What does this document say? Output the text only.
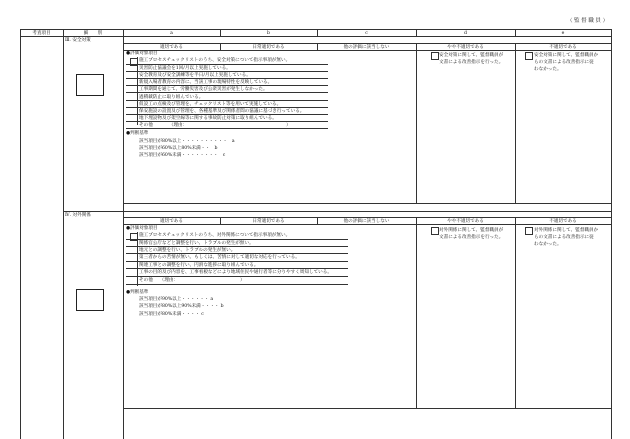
（ 監 督 職 員 ）
考査項目	細　　別	a	b	c	d	e
Ⅲ. 安全対策
適切である	日常適切である	他の評価に該当しない	やや不適切である	不適切である
●評価対象項目
施工プロセスチェックリストのうち、安全対策について指示事項が無い。
災害防止協議会を1回/月以上実施している。
安全教育及び安全訓練等を半日/月以上実施している。
新規入場者教育の内容に、当該工事の現場特性を反映している。
工事期間を通じて、労働災害及び公衆災害が発生しなかった。
過積載防止に取り組んでいる。
仮設工の点検及び管理を、チェックリスト等を用いて実施している。
保安施設の設置及び管理を、各種基準及び関係者間の協議に基づき行っている。
地下埋設物及び架空線等に関する事故防止対策に取り組んでいる。
その他　　　　（理由：　　　　　　　　　　　　　　　　　　　　　　）
●判断基準
該当項目が80%以上・・・・・・・・・・　a
該当項目が60%以上80%未満・・　b
該当項目が60%未満・・・・・・・・　c
安全対策に関して、監督職員が
文書による改善指示を行った。
安全対策に関して、監督職員か
らの文書による改善指示に従
わなかった。
Ⅳ. 対外関係
適切である	日常適切である	他の評価に該当しない	やや不適切である	不適切である
●評価対象項目
施工プロセスチェックリストのうち、対外関係について指示事項が無い。
関係官公庁などと調整を行い、トラブルの発生が無い。
地元との調整を行い、トラブルの発生が無い。
第三者からの苦情が無い。もしくは、苦情に対して適切な対応を行っている。
関連工事との調整を行い、円滑な進捗に取り組んでいる。
工事の目的及び内容を、工事看板などにより地域住民や通行者等に分りやすく周知している。
その他　　（理由：　　　　　　　　　　　　　　）
●判断基準
該当項目が90%以上・・・・・・ a
該当項目が80%以上90%未満・・・・ b
該当項目が80%未満・・・・ c
対外関係に関して、監督職員が
文書による改善指示を行った。
対外関係に関して、監督職員か
らの文書による改善指示に従
わなかった。
